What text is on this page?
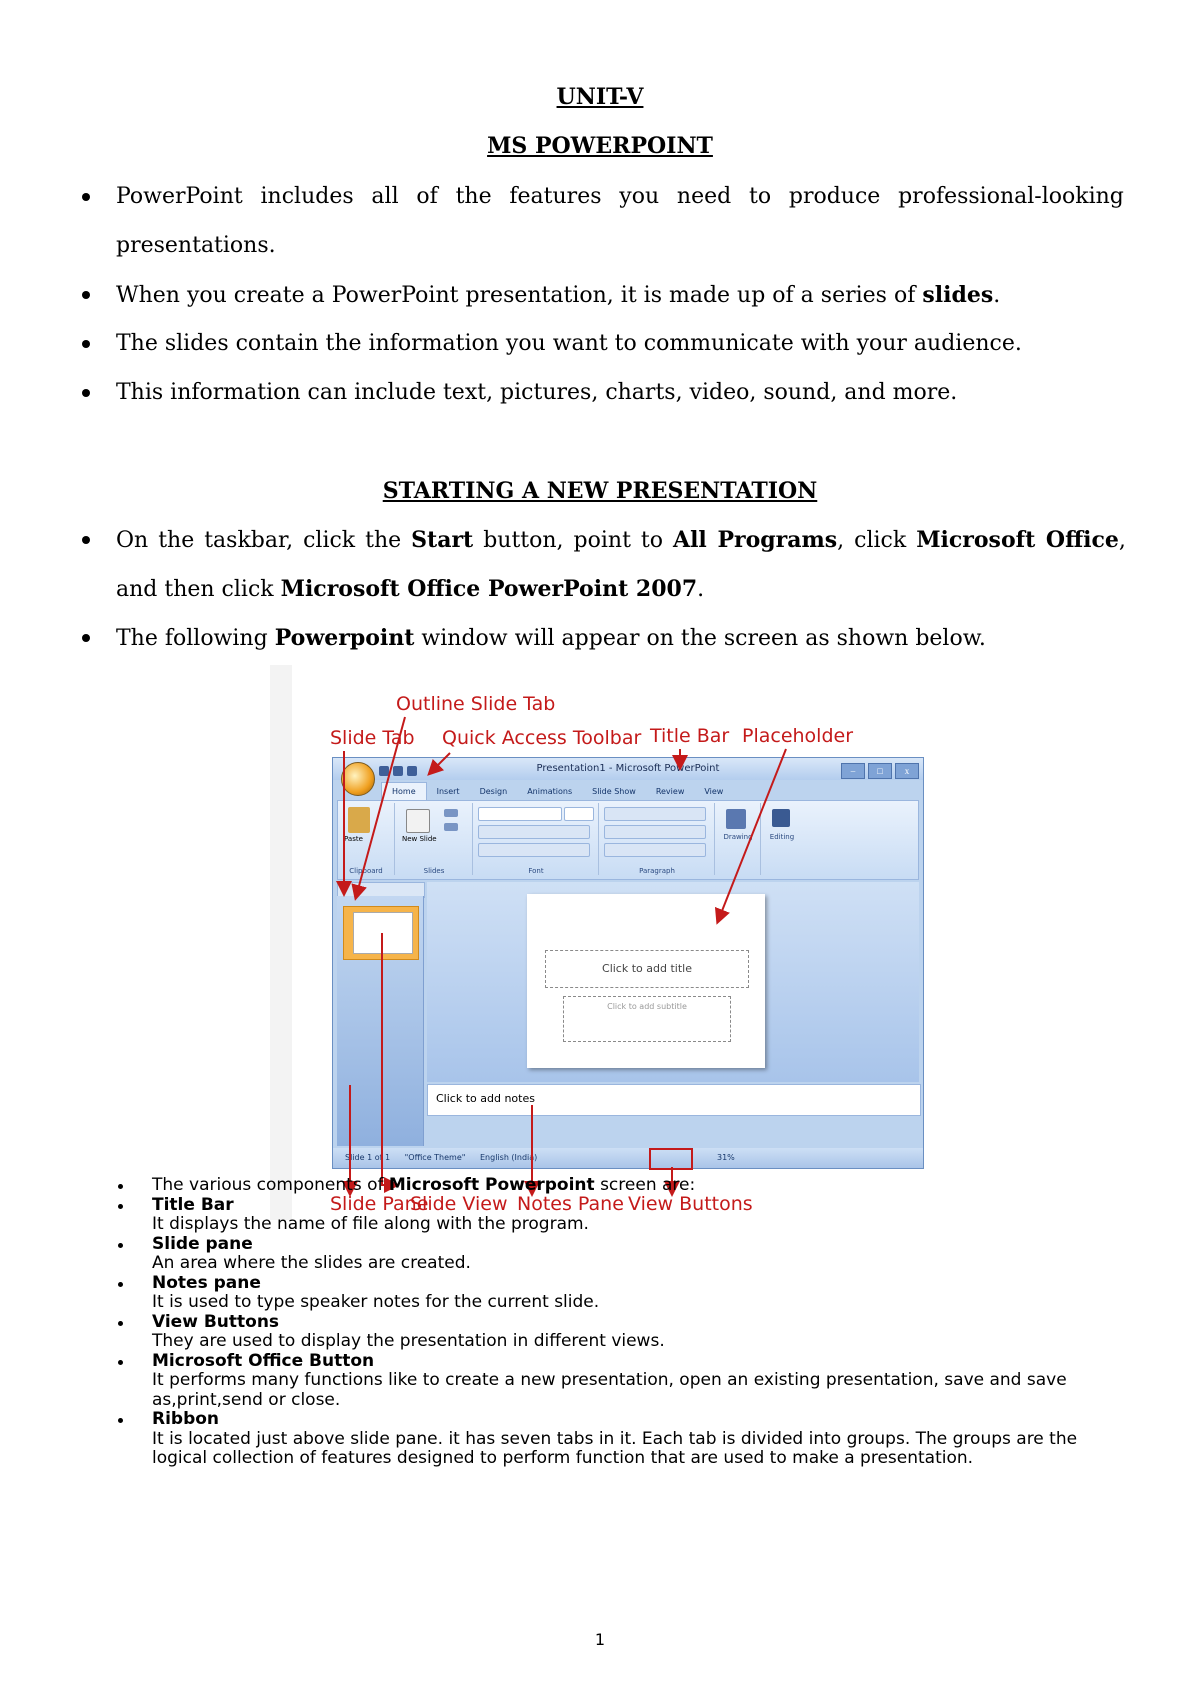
UNIT-V
MS POWERPOINT
PowerPoint includes all of the features you need to produce professional-looking
presentations.
When you create a PowerPoint presentation, it is made up of a series of slides.
The slides contain the information you want to communicate with your audience.
This information can include text, pictures, charts, video, sound, and more.
STARTING A NEW PRESENTATION
On the taskbar, click the Start button, point to All Programs, click Microsoft Office,
and then click Microsoft Office PowerPoint 2007.
The following Powerpoint window will appear on the screen as shown below.
Outline Slide Tab
Slide Tab Quick Access Toolbar Title Bar Placeholder
Presentation1 - Microsoft PowerPoint	– □ x
Home	Insert	Design	Animations	Slide Show	Review	View
Paste
Clipboard
New Slide
Slides	Font	Paragraph
Drawing	Editing
Click to add title
Click to add subtitle
Click to add notes
Slide 1 of 1 "Office Theme" English (India)	31%
Slide Pane
Slide View Notes Pane View Buttons
The various components of Microsoft Powerpoint screen are:
Title Bar
It displays the name of file along with the program.
Slide pane
An area where the slides are created.
Notes pane
It is used to type speaker notes for the current slide.
View Buttons
They are used to display the presentation in different views.
Microsoft Office Button
It performs many functions like to create a new presentation, open an existing presentation, save and save as,print,send or close.
Ribbon
It is located just above slide pane. it has seven tabs in it. Each tab is divided into groups. The groups are the logical collection of features designed to perform function that are used to make a presentation.
1
